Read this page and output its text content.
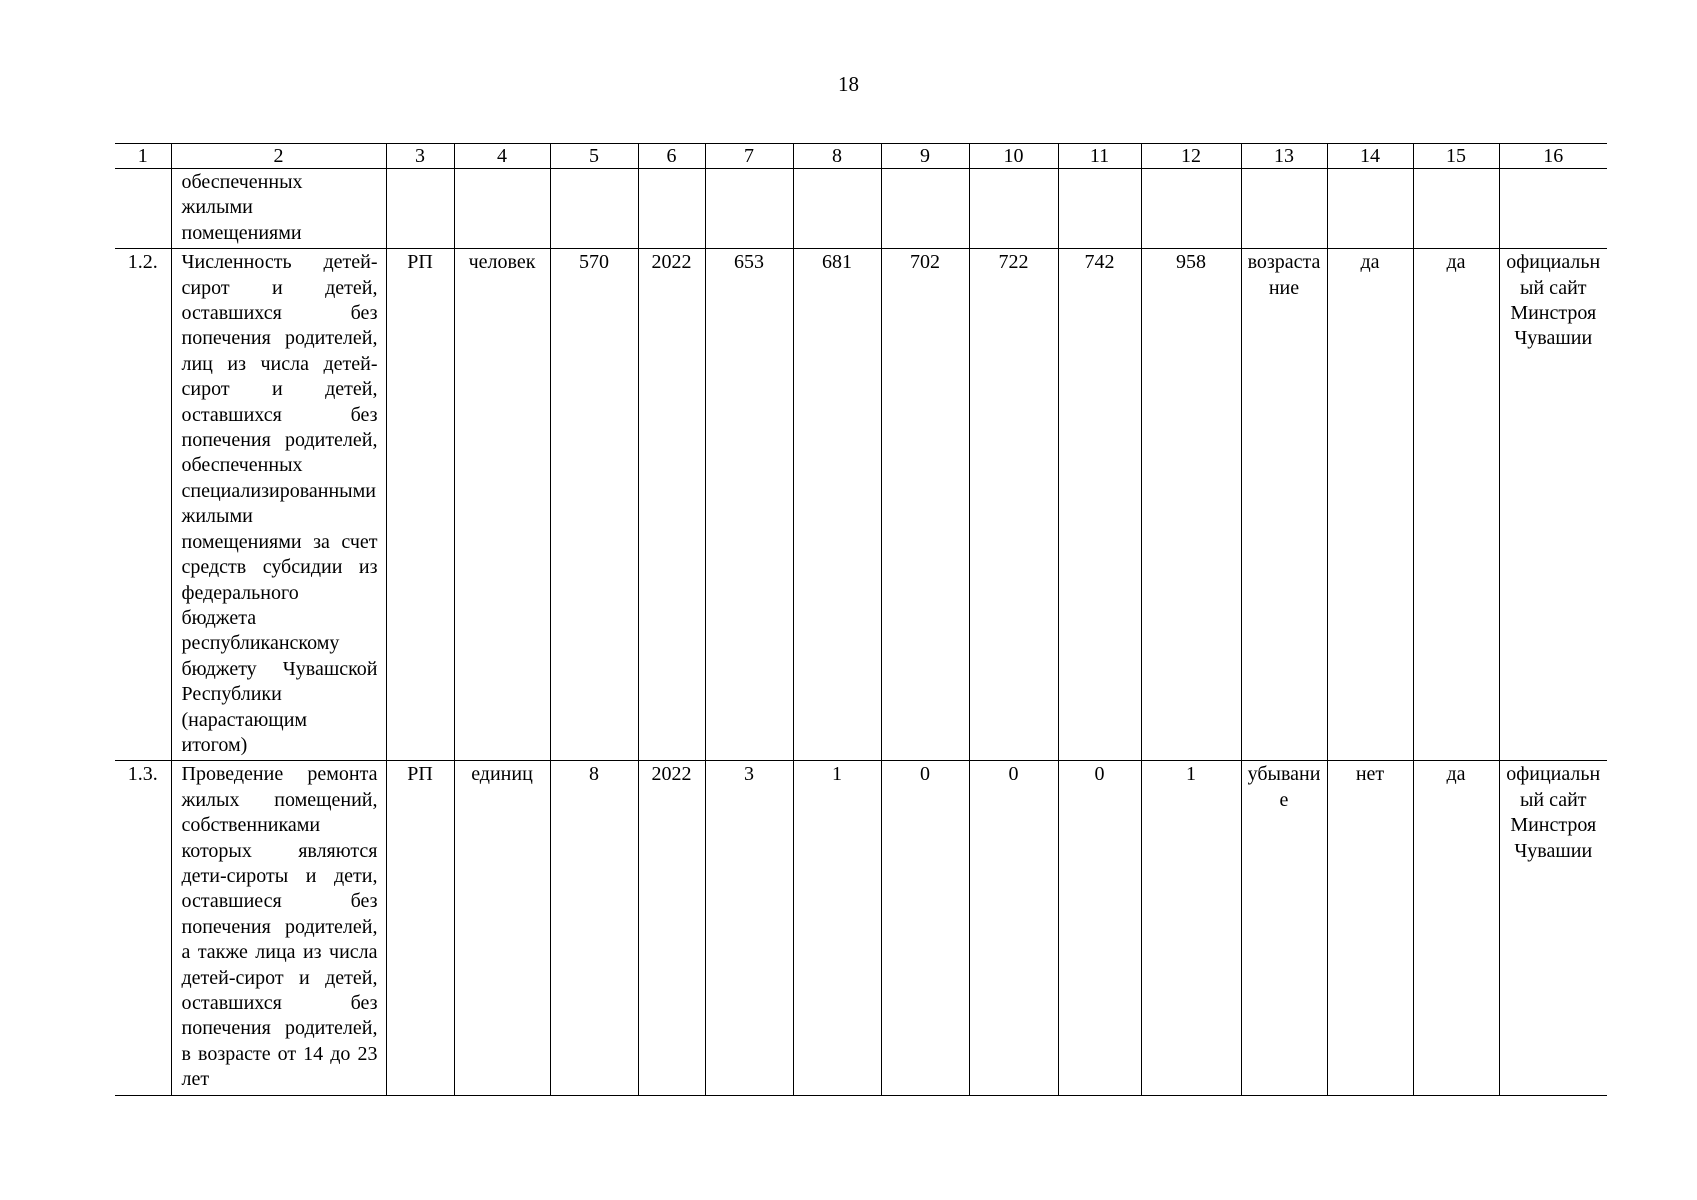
18
1	2	3	4	5	6	7	8	9	10	11	12	13	14	15	16
	обеспеченных жилыми помещениями														
1.2.	Численность детей-сирот и детей, оставшихся без попечения родителей, лиц из числа детей-сирот и детей, оставшихся без попечения родителей, обеспеченных специализированными жилыми помещениями за счет средств субсидии из федерального бюджета республиканскому бюджету Чувашской Республики (нарастающим итогом)	РП	человек	570	2022	653	681	702	722	742	958	возрастание	да	да	официальный сайт Минстроя Чувашии
1.3.	Проведение ремонта жилых помещений, собственниками которых являются дети-сироты и дети, оставшиеся без попечения родителей, а также лица из числа детей-сирот и детей, оставшихся без попечения родителей, в возрасте от 14 до 23 лет	РП	единиц	8	2022	3	1	0	0	0	1	убывание	нет	да	официальный сайт Минстроя Чувашии
